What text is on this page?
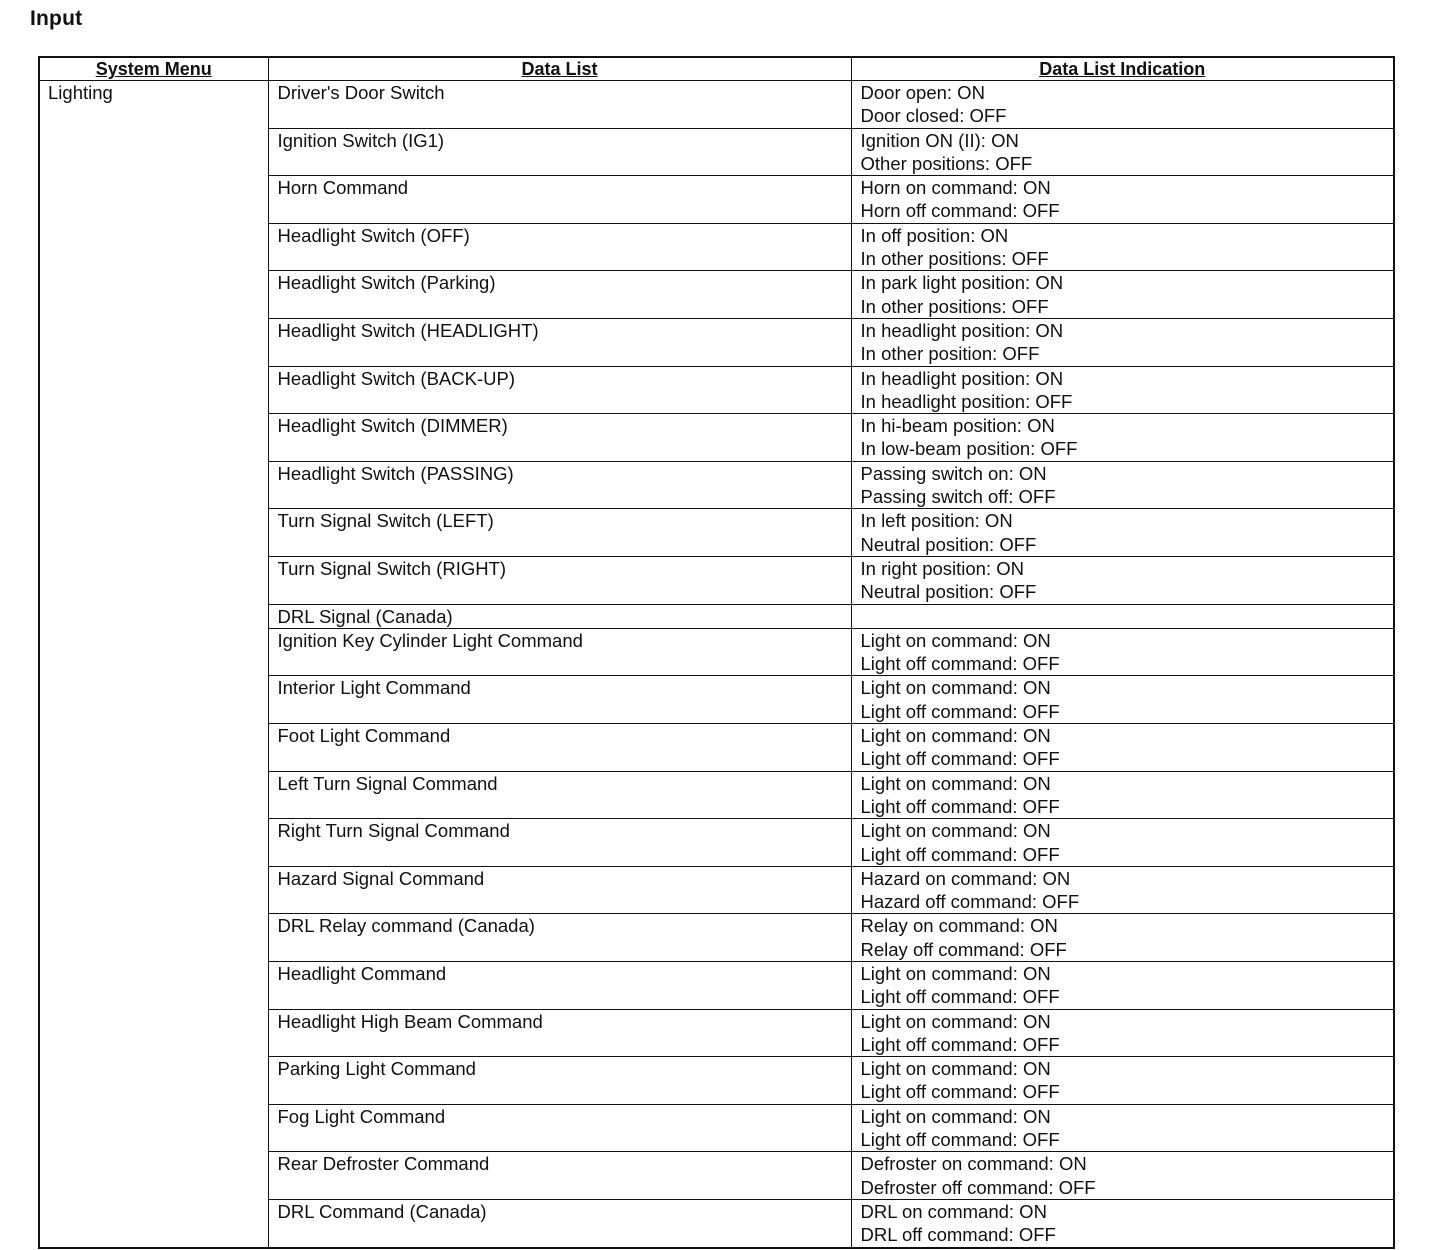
Input
System Menu	Data List	Data List Indication
Lighting	Driver's Door Switch	Door open: ON
Door closed: OFF

	Ignition Switch (IG1)	Ignition ON (II): ON
Other positions: OFF

	Horn Command	Horn on command: ON
Horn off command: OFF

	Headlight Switch (OFF)	In off position: ON
In other positions: OFF

	Headlight Switch (Parking)	In park light position: ON
In other positions: OFF

	Headlight Switch (HEADLIGHT)	In headlight position: ON
In other position: OFF

	Headlight Switch (BACK-UP)	In headlight position: ON
In headlight position: OFF

	Headlight Switch (DIMMER)	In hi-beam position: ON
In low-beam position: OFF

	Headlight Switch (PASSING)	Passing switch on: ON
Passing switch off: OFF

	Turn Signal Switch (LEFT)	In left position: ON
Neutral position: OFF

	Turn Signal Switch (RIGHT)	In right position: ON
Neutral position: OFF

	DRL Signal (Canada)	
	Ignition Key Cylinder Light Command	Light on command: ON
Light off command: OFF

	Interior Light Command	Light on command: ON
Light off command: OFF

	Foot Light Command	Light on command: ON
Light off command: OFF

	Left Turn Signal Command	Light on command: ON
Light off command: OFF

	Right Turn Signal Command	Light on command: ON
Light off command: OFF

	Hazard Signal Command	Hazard on command: ON
Hazard off command: OFF

	DRL Relay command (Canada)	Relay on command: ON
Relay off command: OFF

	Headlight Command	Light on command: ON
Light off command: OFF

	Headlight High Beam Command	Light on command: ON
Light off command: OFF

	Parking Light Command	Light on command: ON
Light off command: OFF

	Fog Light Command	Light on command: ON
Light off command: OFF

	Rear Defroster Command	Defroster on command: ON
Defroster off command: OFF

	DRL Command (Canada)	DRL on command: ON
DRL off command: OFF
